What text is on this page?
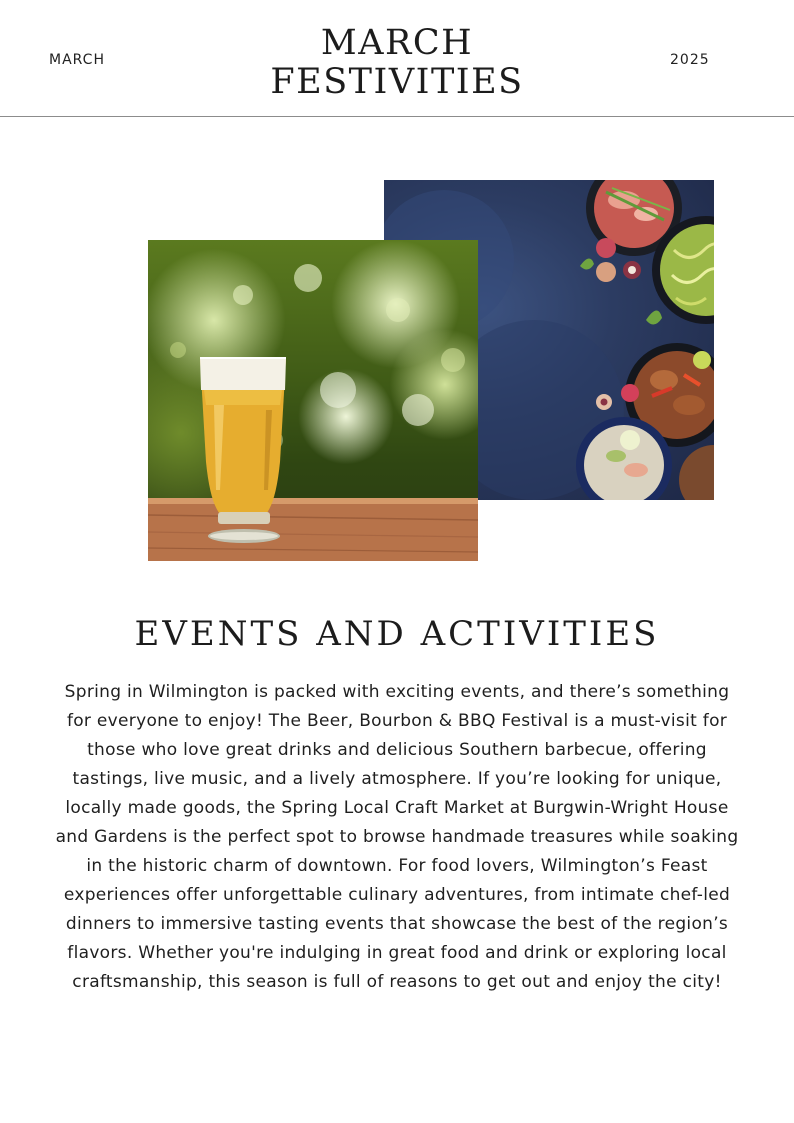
MARCH	MARCH
FESTIVITIES
2025
EVENTS AND ACTIVITIES
Spring in Wilmington is packed with exciting events, and there’s something for everyone to enjoy! The Beer, Bourbon & BBQ Festival is a must-visit for those who love great drinks and delicious Southern barbecue, offering tastings, live music, and a lively atmosphere. If you’re looking for unique, locally made goods, the Spring Local Craft Market at Burgwin-Wright House and Gardens is the perfect spot to browse handmade treasures while soaking in the historic charm of downtown. For food lovers, Wilmington’s Feast experiences offer unforgettable culinary adventures, from intimate chef-led dinners to immersive tasting events that showcase the best of the region’s flavors. Whether you're indulging in great food and drink or exploring local craftsmanship, this season is full of reasons to get out and enjoy the city!
